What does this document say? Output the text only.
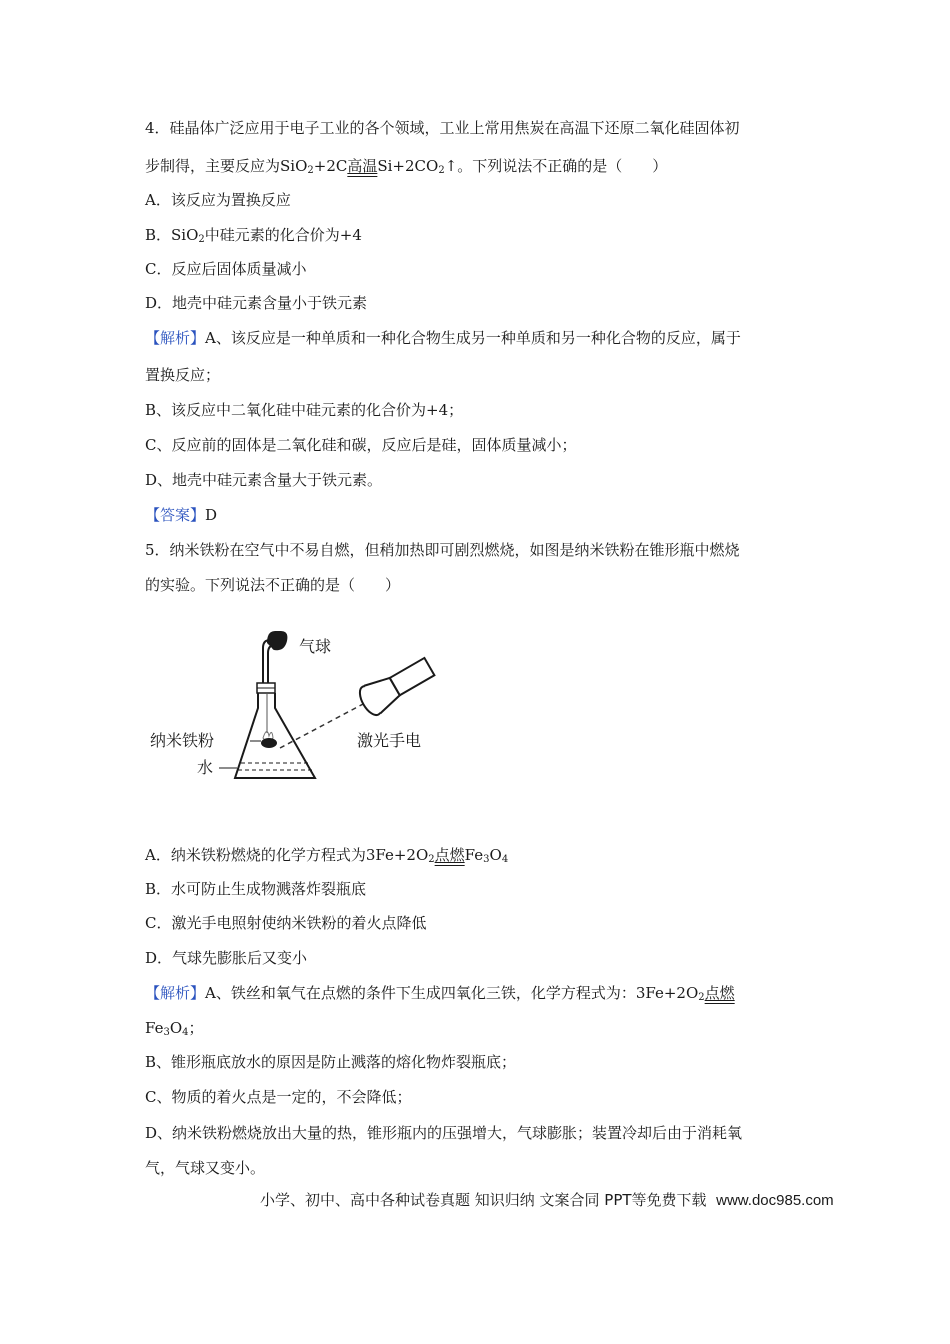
4．硅晶体广泛应用于电子工业的各个领域，工业上常用焦炭在高温下还原二氧化硅固体初
步制得，主要反应为SiO$_2$+2C高温$Si+2CO_2↑$。下列说法不正确的是（　　）
A．该反应为置换反应
B．SiO$_2$中硅元素的化合价为+4
C．反应后固体质量减小
D．地壳中硅元素含量小于铁元素
【解析】A、该反应是一种单质和一种化合物生成另一种单质和另一种化合物的反应，属于
置换反应；
B、该反应中二氧化硅中硅元素的化合价为+4；
C、反应前的固体是二氧化硅和碳，反应后是硅，固体质量减小；
D、地壳中硅元素含量大于铁元素。
【答案】D
5．纳米铁粉在空气中不易自燃，但稍加热即可剧烈燃烧，如图是纳米铁粉在锥形瓶中燃烧
的实验。下列说法不正确的是（　　）
气球
纳米铁粉
水
激光手电
A．纳米铁粉燃烧的化学方程式为$3Fe+2O_2$点燃$Fe_3O_4$
B．水可防止生成物溅落炸裂瓶底
C．激光手电照射使纳米铁粉的着火点降低
D．气球先膨胀后又变小
【解析】A、铁丝和氧气在点燃的条件下生成四氧化三铁，化学方程式为：$3Fe+2O_2$点燃
$Fe_3O_4$；
B、锥形瓶底放水的原因是防止溅落的熔化物炸裂瓶底；
C、物质的着火点是一定的，不会降低；
D、纳米铁粉燃烧放出大量的热，锥形瓶内的压强增大，气球膨胀；装置冷却后由于消耗氧
气，气球又变小。
小学、初中、高中各种试卷真题 知识归纳 文案合同 PPT等免费下载 www.doc985.com
